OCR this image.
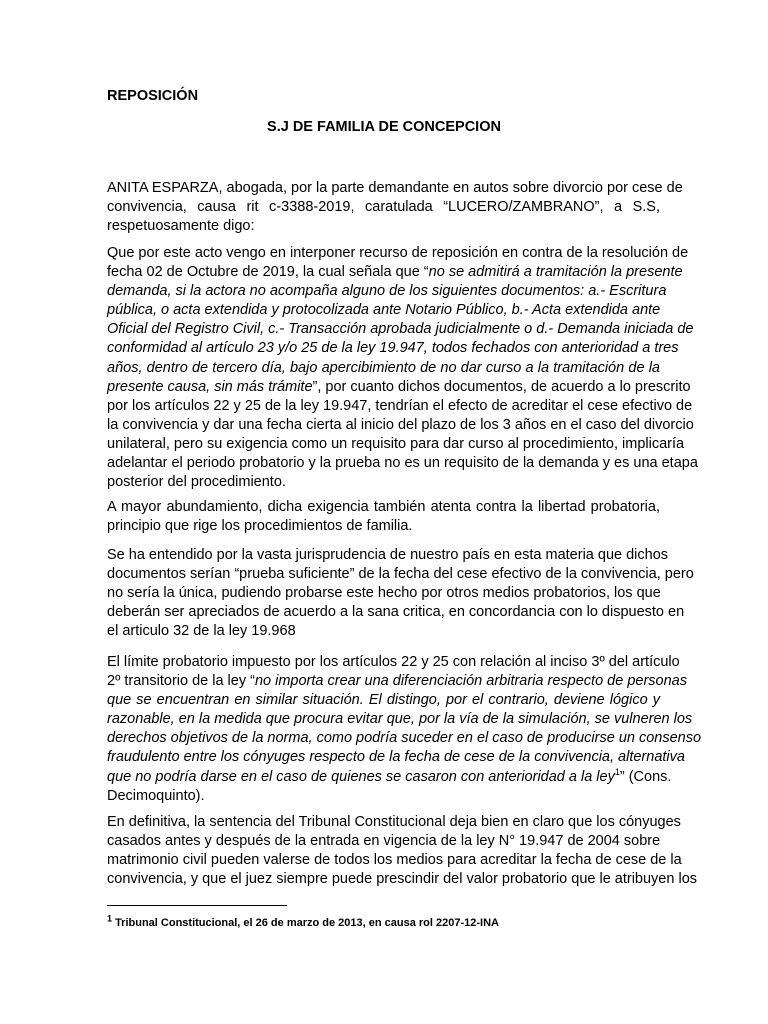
REPOSICIÓN
S.J DE FAMILIA DE CONCEPCION
ANITA ESPARZA, abogada, por la parte demandante en autos sobre divorcio por cese de
convivencia, causa rit c-3388-2019, caratulada “LUCERO/ZAMBRANO”, a S.S,
respetuosamente digo:
Que por este acto vengo en interponer recurso de reposición en contra de la resolución de
fecha 02 de Octubre de 2019, la cual señala que “no se admitirá a tramitación la presente
demanda, si la actora no acompaña alguno de los siguientes documentos: a.- Escritura
pública, o acta extendida y protocolizada ante Notario Público, b.- Acta extendida ante
Oficial del Registro Civil, c.- Transacción aprobada judicialmente o d.- Demanda iniciada de
conformidad al artículo 23 y/o 25 de la ley 19.947, todos fechados con anterioridad a tres
años, dentro de tercero día, bajo apercibimiento de no dar curso a la tramitación de la
presente causa, sin más trámite”, por cuanto dichos documentos, de acuerdo a lo prescrito
por los artículos 22 y 25 de la ley 19.947, tendrían el efecto de acreditar el cese efectivo de
la convivencia y dar una fecha cierta al inicio del plazo de los 3 años en el caso del divorcio
unilateral, pero su exigencia como un requisito para dar curso al procedimiento, implicaría
adelantar el periodo probatorio y la prueba no es un requisito de la demanda y es una etapa
posterior del procedimiento.
A mayor abundamiento, dicha exigencia también atenta contra la libertad probatoria,
principio que rige los procedimientos de familia.
Se ha entendido por la vasta jurisprudencia de nuestro país en esta materia que dichos
documentos serían “prueba suficiente” de la fecha del cese efectivo de la convivencia, pero
no sería la única, pudiendo probarse este hecho por otros medios probatorios, los que
deberán ser apreciados de acuerdo a la sana critica, en concordancia con lo dispuesto en
el articulo 32 de la ley 19.968
El límite probatorio impuesto por los artículos 22 y 25 con relación al inciso 3º del artículo
2º transitorio de la ley “no importa crear una diferenciación arbitraria respecto de personas
que se encuentran en similar situación. El distingo, por el contrario, deviene lógico y
razonable, en la medida que procura evitar que, por la vía de la simulación, se vulneren los
derechos objetivos de la norma, como podría suceder en el caso de producirse un consenso
fraudulento entre los cónyuges respecto de la fecha de cese de la convivencia, alternativa
que no podría darse en el caso de quienes se casaron con anterioridad a la ley$^1$” (Cons.
Decimoquinto).
En definitiva, la sentencia del Tribunal Constitucional deja bien en claro que los cónyuges
casados antes y después de la entrada en vigencia de la ley N° 19.947 de 2004 sobre
matrimonio civil pueden valerse de todos los medios para acreditar la fecha de cese de la
convivencia, y que el juez siempre puede prescindir del valor probatorio que le atribuyen los
$^1$ Tribunal Constitucional, el 26 de marzo de 2013, en causa rol 2207-12-INA
